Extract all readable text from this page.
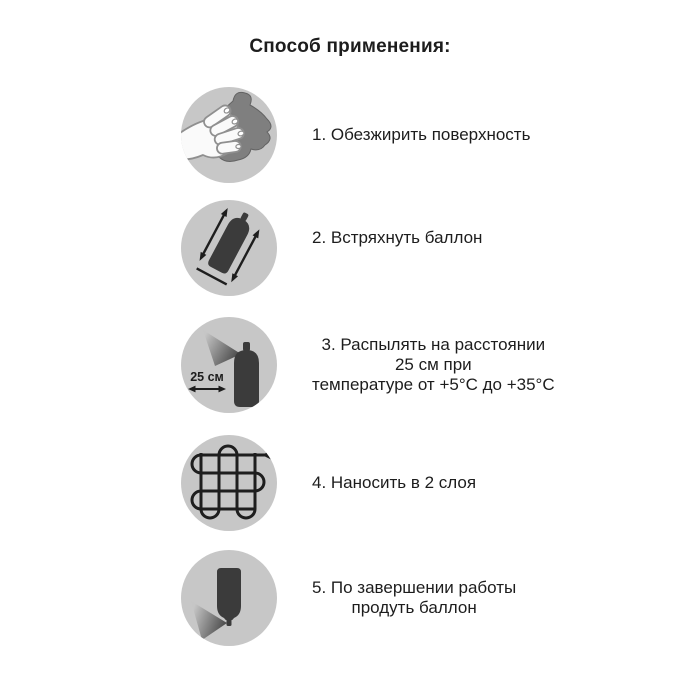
Способ применения:
1. Обезжирить поверхность
2. Встряхнуть баллон
25 см
3. Распылять на расстоянии
25 см при
температуре от +5°С до +35°С
4. Наносить в 2 слоя
5. По завершении работы
продуть баллон
